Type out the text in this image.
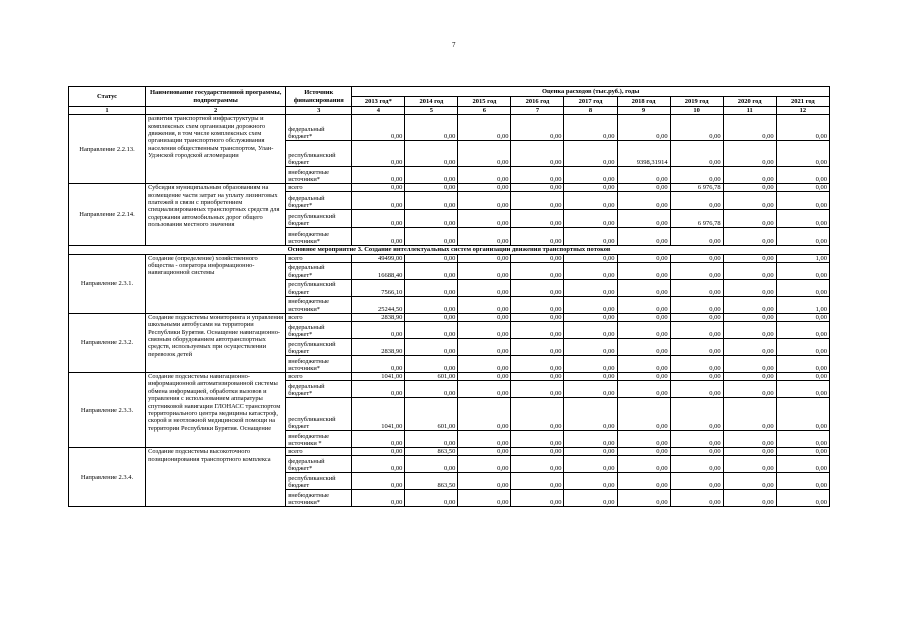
7
Статус	Наименование государственной программы, подпрограммы	Источник финансирования	Оценка расходов (тыс.руб.), годы								
			2013 год*	2014 год	2015 год	2016 год	2017 год	2018 год	2019 год	2020 год	2021 год
1	2	3	4	5	6	7	8	9	10	11	12
Направление 2.2.13.	развития транспортной инфраструктуры и комплексных схем организации дорожного движения, в том числе комплексных схем организации транспортного обслуживания населения общественным транспортом, Улан-Удэнской городской агломерации	федеральный
бюджет*	0,00	0,00	0,00	0,00	0,00	0,00	0,00	0,00	0,00
		республиканский
бюджет	0,00	0,00	0,00	0,00	0,00	9398,31914	0,00	0,00	0,00
		внебюджетные
источники*	0,00	0,00	0,00	0,00	0,00	0,00	0,00	0,00	0,00
Направление 2.2.14.	Субсидия муниципальным образованиям на возмещение части затрат на уплату лизинговых платежей в связи с приобретением специализированных транспортных средств для содержания автомобильных дорог общего пользования местного значения	всего	0,00	0,00	0,00	0,00	0,00	0,00	6 976,78	0,00	0,00
		федеральный
бюджет*	0,00	0,00	0,00	0,00	0,00	0,00	0,00	0,00	0,00
		республиканский
бюджет	0,00	0,00	0,00	0,00	0,00	0,00	6 976,78	0,00	0,00
		внебюджетные
источники*	0,00	0,00	0,00	0,00	0,00	0,00	0,00	0,00	0,00
Основное мероприятие 3. Создание интеллектуальных систем организации движения транспортных потоков											
Направление 2.3.1.	Создание (определение) хозяйственного общества - оператора информационно-навигационной системы	всего	49499,00	0,00	0,00	0,00	0,00	0,00	0,00	0,00	1,00
		федеральный
бюджет*	16688,40	0,00	0,00	0,00	0,00	0,00	0,00	0,00	0,00
		республиканский
бюджет	7566,10	0,00	0,00	0,00	0,00	0,00	0,00	0,00	0,00
		внебюджетные
источники*	25244,50	0,00	0,00	0,00	0,00	0,00	0,00	0,00	1,00
Направление 2.3.2.	Создание подсистемы мониторинга и управления школьными автобусами на территории Республики Бурятия. Оснащение навигационно-связным оборудованием автотранспортных средств, используемых при осуществлении перевозок детей	всего	2838,90	0,00	0,00	0,00	0,00	0,00	0,00	0,00	0,00
		федеральный
бюджет*	0,00	0,00	0,00	0,00	0,00	0,00	0,00	0,00	0,00
		республиканский
бюджет	2838,90	0,00	0,00	0,00	0,00	0,00	0,00	0,00	0,00
		внебюджетные
источники*	0,00	0,00	0,00	0,00	0,00	0,00	0,00	0,00	0,00
Направление 2.3.3.	Создание подсистемы навигационно-информационной автоматизированной системы обмена информацией, обработки вызовов и управления с использованием аппаратуры спутниковой навигации ГЛОНАСС транспортом территориального центра медицины катастроф, скорой и неотложной медицинской помощи на территории Республики Бурятия. Оснащение	всего	1041,00	601,00	0,00	0,00	0,00	0,00	0,00	0,00	0,00
		федеральный
бюджет*	0,00	0,00	0,00	0,00	0,00	0,00	0,00	0,00	0,00
		республиканский
бюджет	1041,00	601,00	0,00	0,00	0,00	0,00	0,00	0,00	0,00
		внебюджетные
источники *	0,00	0,00	0,00	0,00	0,00	0,00	0,00	0,00	0,00
Направление 2.3.4.	Создание подсистемы высокоточного позиционирования транспортного комплекса	всего	0,00	863,50	0,00	0,00	0,00	0,00	0,00	0,00	0,00
		федеральный
бюджет*	0,00	0,00	0,00	0,00	0,00	0,00	0,00	0,00	0,00
		республиканский
бюджет	0,00	863,50	0,00	0,00	0,00	0,00	0,00	0,00	0,00
		внебюджетные
источники*	0,00	0,00	0,00	0,00	0,00	0,00	0,00	0,00	0,00
